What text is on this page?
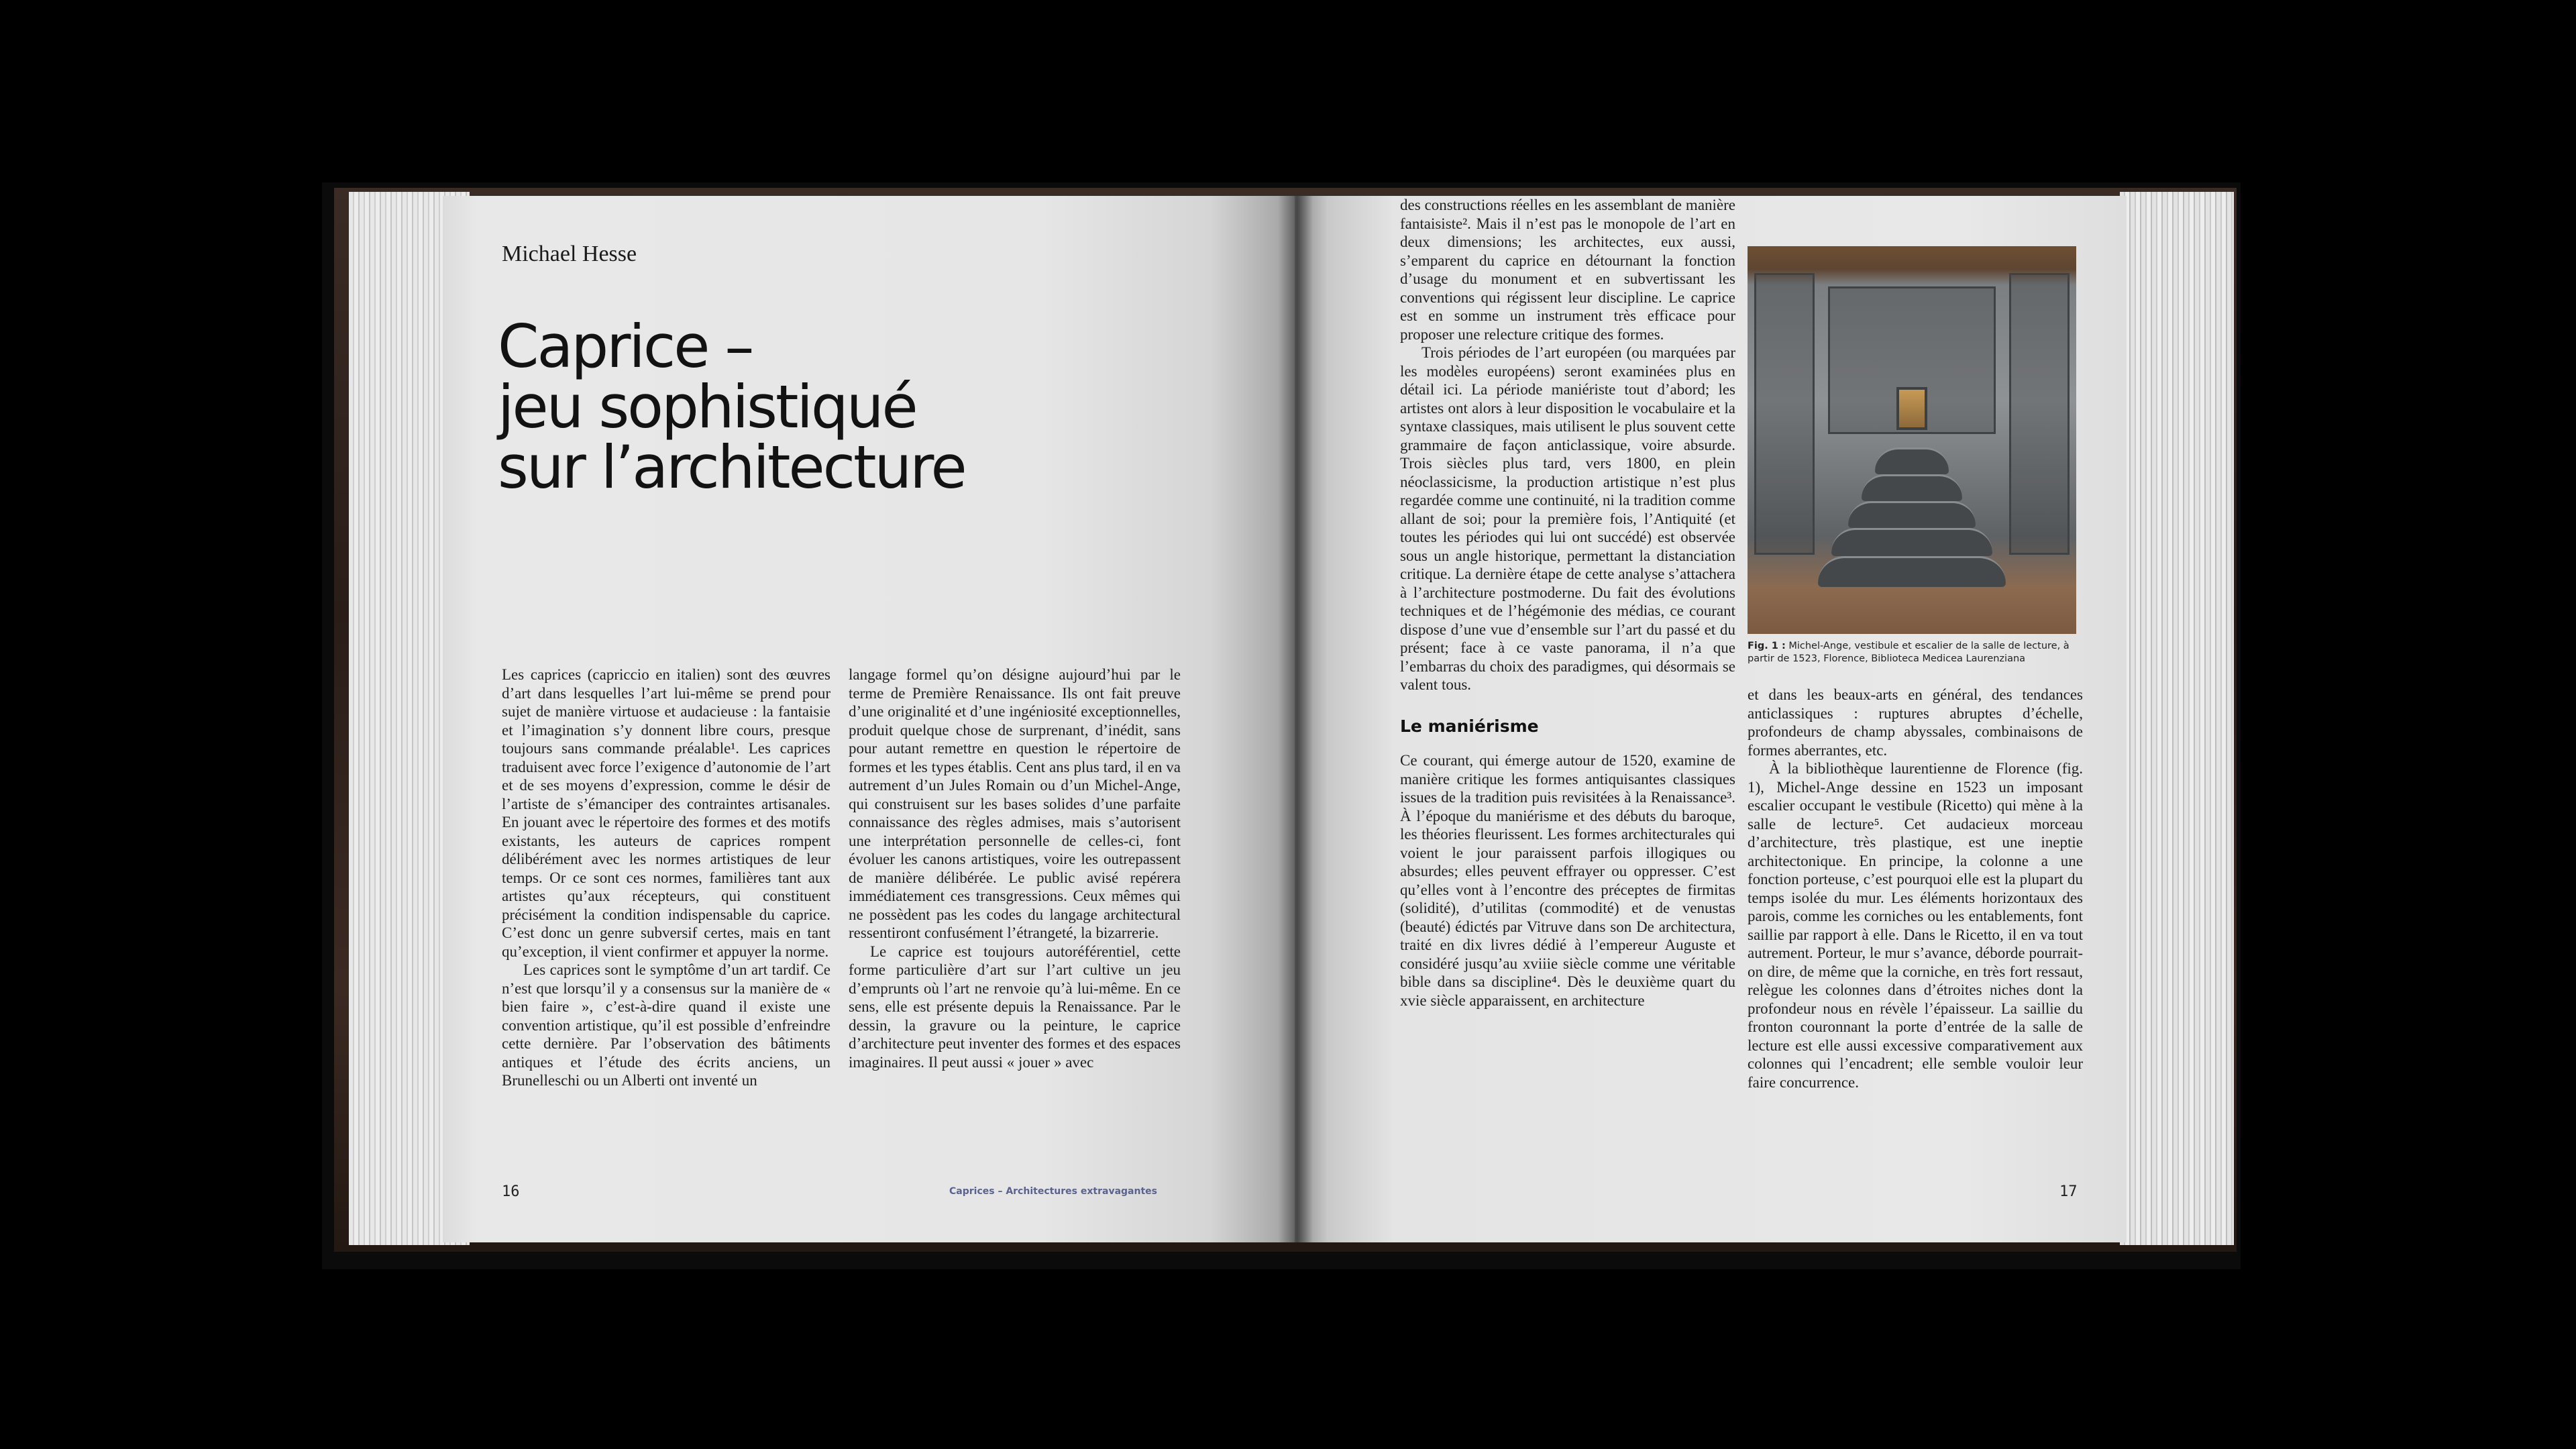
Michael Hesse
Caprice –
jeu sophistiqué
sur l’architecture

Les caprices (capriccio en italien) sont des œuvres d’art dans lesquelles l’art lui-même se prend pour sujet de manière virtuose et audacieuse : la fantaisie et l’imagination s’y donnent libre cours, presque toujours sans commande préalable¹. Les caprices traduisent avec force l’exigence d’autonomie de l’art et de ses moyens d’expression, comme le désir de l’artiste de s’émanciper des contraintes artisanales. En jouant avec le répertoire des formes et des motifs existants, les auteurs de caprices rompent délibérément avec les normes artistiques de leur temps. Or ce sont ces normes, familières tant aux artistes qu’aux récepteurs, qui constituent précisément la condition indispensable du caprice. C’est donc un genre subversif certes, mais en tant qu’exception, il vient confirmer et appuyer la norme.

Les caprices sont le symptôme d’un art tardif. Ce n’est que lorsqu’il y a consensus sur la manière de « bien faire », c’est-à-dire quand il existe une convention artistique, qu’il est possible d’enfreindre cette dernière. Par l’observation des bâtiments antiques et l’étude des écrits anciens, un Brunelleschi ou un Alberti ont inventé un

langage formel qu’on désigne aujourd’hui par le terme de Première Renaissance. Ils ont fait preuve d’une originalité et d’une ingéniosité exceptionnelles, produit quelque chose de surprenant, d’inédit, sans pour autant remettre en question le répertoire de formes et les types établis. Cent ans plus tard, il en va autrement d’un Jules Romain ou d’un Michel-Ange, qui construisent sur les bases solides d’une parfaite connaissance des règles admises, mais s’autorisent une interprétation personnelle de celles-ci, font évoluer les canons artistiques, voire les outrepassent de manière délibérée. Le public avisé repérera immédiatement ces transgressions. Ceux mêmes qui ne possèdent pas les codes du langage architectural ressentiront confusément l’étrangeté, la bizarrerie.

Le caprice est toujours autoréférentiel, cette forme particulière d’art sur l’art cultive un jeu d’emprunts où l’art ne renvoie qu’à lui-même. En ce sens, elle est présente depuis la Renaissance. Par le dessin, la gravure ou la peinture, le caprice d’architecture peut inventer des formes et des espaces imaginaires. Il peut aussi « jouer » avec

16	Caprices – Architectures extravagantes

des constructions réelles en les assemblant de manière fantaisiste². Mais il n’est pas le monopole de l’art en deux dimensions; les architectes, eux aussi, s’emparent du caprice en détournant la fonction d’usage du monument et en subvertissant les conventions qui régissent leur discipline. Le caprice est en somme un instrument très efficace pour proposer une relecture critique des formes.

Trois périodes de l’art européen (ou marquées par les modèles européens) seront examinées plus en détail ici. La période maniériste tout d’abord; les artistes ont alors à leur disposition le vocabulaire et la syntaxe classiques, mais utilisent le plus souvent cette grammaire de façon anticlassique, voire absurde. Trois siècles plus tard, vers 1800, en plein néoclassicisme, la production artistique n’est plus regardée comme une continuité, ni la tradition comme allant de soi; pour la première fois, l’Antiquité (et toutes les périodes qui lui ont succédé) est observée sous un angle historique, permettant la distanciation critique. La dernière étape de cette analyse s’attachera à l’architecture postmoderne. Du fait des évolutions techniques et de l’hégémonie des médias, ce courant dispose d’une vue d’ensemble sur l’art du passé et du présent; face à ce vaste panorama, il n’a que l’embarras du choix des paradigmes, qui désormais se valent tous.

Le maniérisme

Ce courant, qui émerge autour de 1520, examine de manière critique les formes antiquisantes classiques issues de la tradition puis revisitées à la Renaissance³. À l’époque du maniérisme et des débuts du baroque, les théories fleurissent. Les formes architecturales qui voient le jour paraissent parfois illogiques ou absurdes; elles peuvent effrayer ou oppresser. C’est qu’elles vont à l’encontre des préceptes de firmitas (solidité), d’utilitas (commodité) et de venustas (beauté) édictés par Vitruve dans son De architectura, traité en dix livres dédié à l’empereur Auguste et considéré jusqu’au xviiie siècle comme une véritable bible dans sa discipline⁴. Dès le deuxième quart du xvie siècle apparaissent, en architecture

Fig. 1 : Michel-Ange, vestibule et escalier de la salle de lecture, à partir de 1523, Florence, Biblioteca Medicea Laurenziana

et dans les beaux-arts en général, des tendances anticlassiques : ruptures abruptes d’échelle, profondeurs de champ abyssales, combinaisons de formes aberrantes, etc.

À la bibliothèque laurentienne de Florence (fig. 1), Michel-Ange dessine en 1523 un imposant escalier occupant le vestibule (Ricetto) qui mène à la salle de lecture⁵. Cet audacieux morceau d’architecture, très plastique, est une ineptie architectonique. En principe, la colonne a une fonction porteuse, c’est pourquoi elle est la plupart du temps isolée du mur. Les éléments horizontaux des parois, comme les corniches ou les entablements, font saillie par rapport à elle. Dans le Ricetto, il en va tout autrement. Porteur, le mur s’avance, déborde pourrait-on dire, de même que la corniche, en très fort ressaut, relègue les colonnes dans d’étroites niches dont la profondeur nous en révèle l’épaisseur. La saillie du fronton couronnant la porte d’entrée de la salle de lecture est elle aussi excessive comparativement aux colonnes qui l’encadrent; elle semble vouloir leur faire concurrence.

17
